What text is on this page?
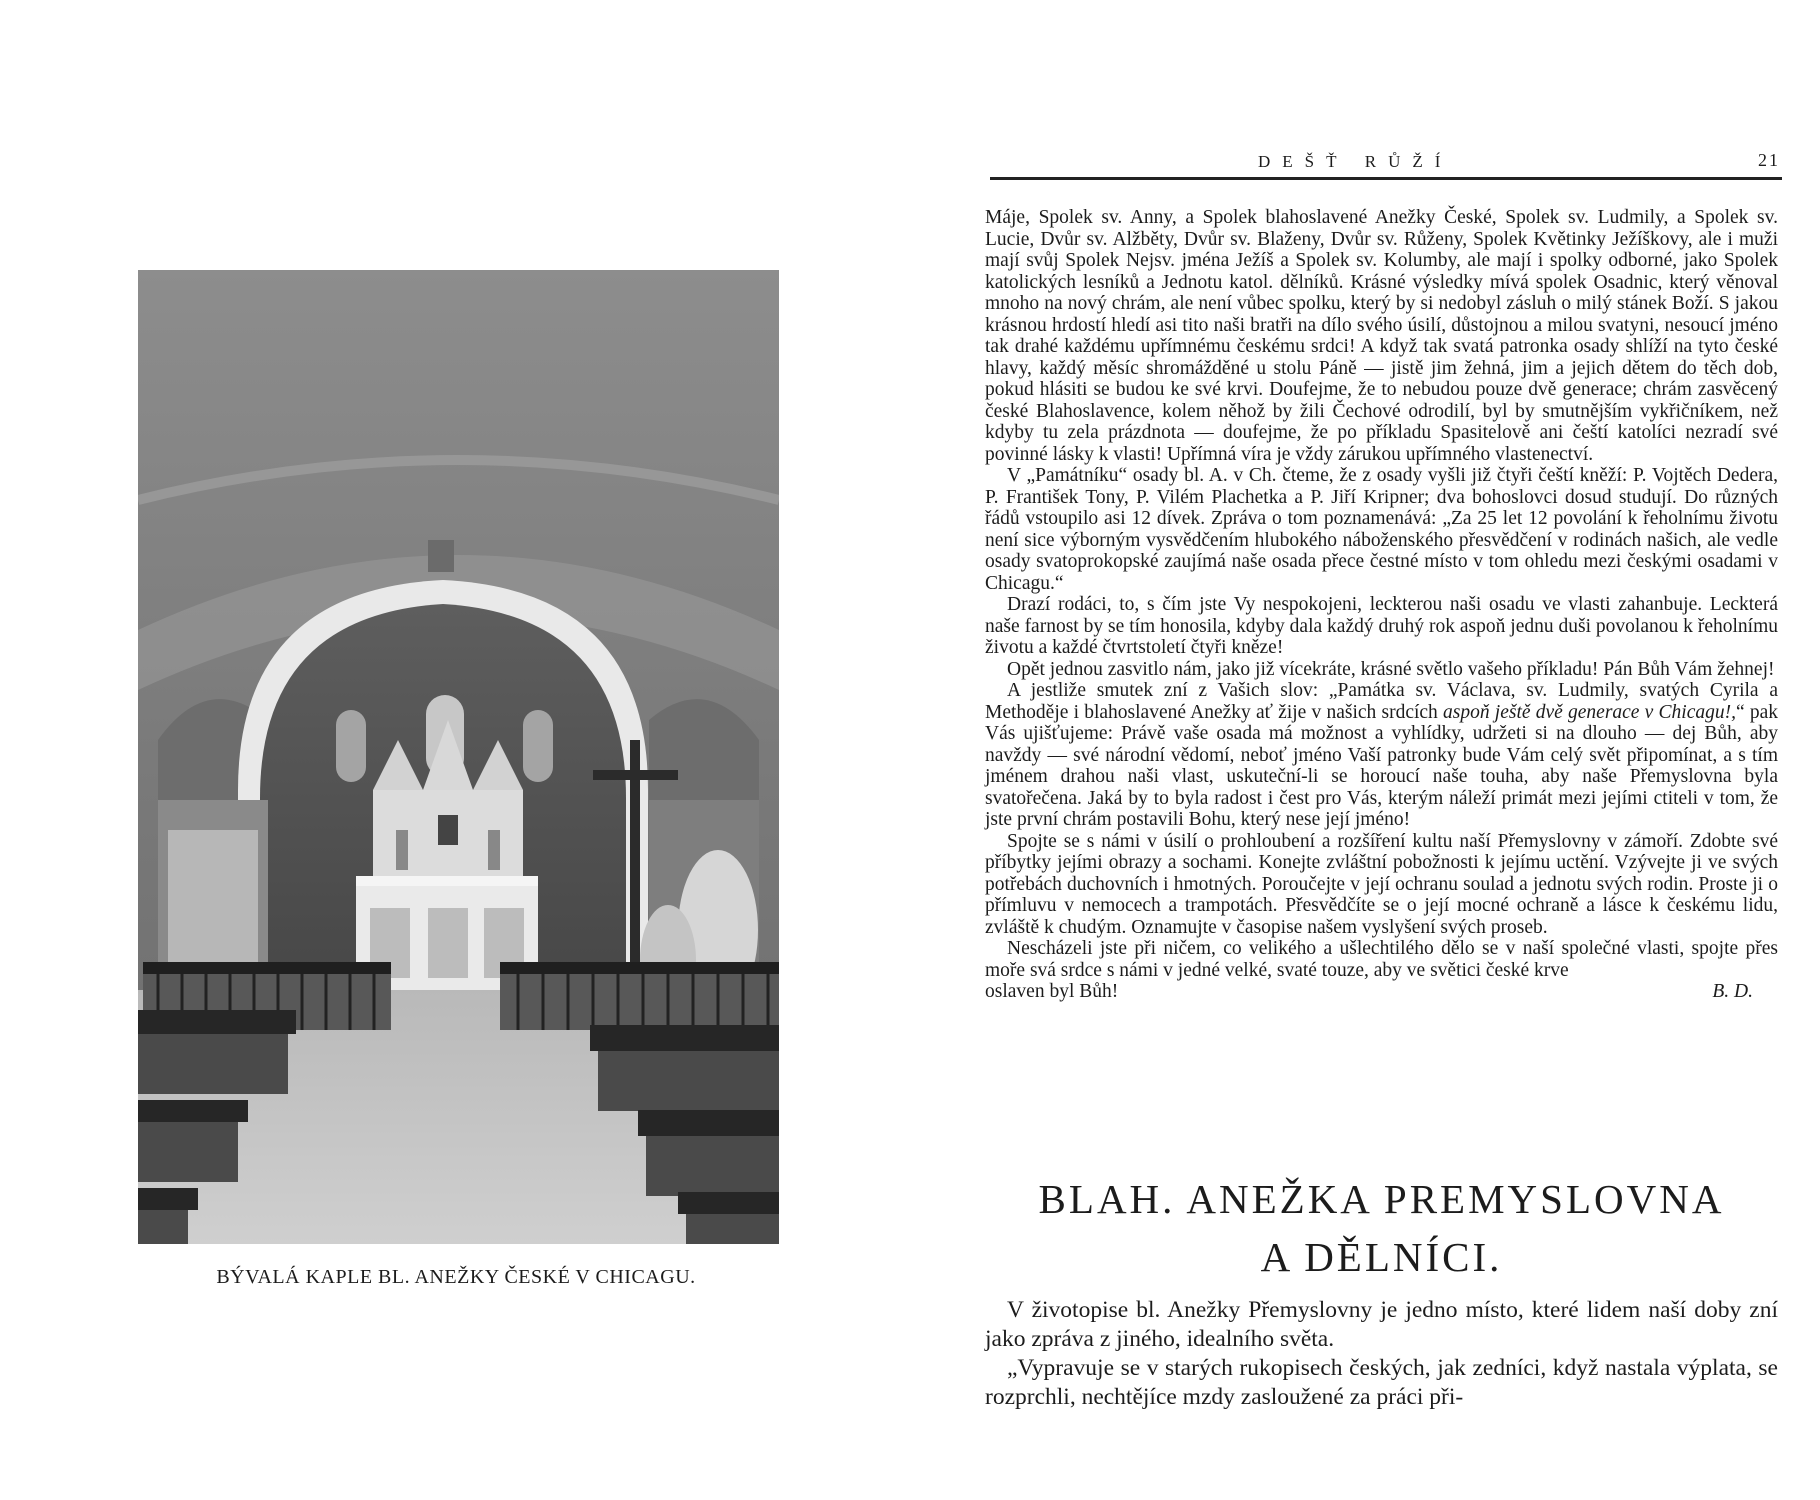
BÝVALÁ KAPLE BL. ANEŽKY ČESKÉ V CHICAGU.

DEŠŤ RŮŽÍ	21

Máje, Spolek sv. Anny, a Spolek blahoslavené Anežky České, Spolek sv. Ludmily, a Spolek sv. Lucie, Dvůr sv. Alžběty, Dvůr sv. Blaženy, Dvůr sv. Růženy, Spolek Květinky Ježíškovy, ale i muži mají svůj Spolek Nejsv. jména Ježíš a Spolek sv. Kolumby, ale mají i spolky odborné, jako Spolek katolických lesníků a Jednotu katol. dělníků. Krásné výsledky mívá spolek Osadnic, který věnoval mnoho na nový chrám, ale není vůbec spolku, který by si nedobyl zásluh o milý stánek Boží. S jakou krásnou hrdostí hledí asi tito naši bratři na dílo svého úsilí, důstojnou a milou svatyni, nesoucí jméno tak drahé každému upřímnému českému srdci! A když tak svatá patronka osady shlíží na tyto české hlavy, každý měsíc shromážděné u stolu Páně — jistě jim žehná, jim a jejich dětem do těch dob, pokud hlásiti se budou ke své krvi. Doufejme, že to nebudou pouze dvě generace; chrám zasvěcený české Blahoslavence, kolem něhož by žili Čechové odrodilí, byl by smutnějším vykřičníkem, než kdyby tu zela prázdnota — doufejme, že po příkladu Spasitelově ani čeští katolíci nezradí své povinné lásky k vlasti! Upřímná víra je vždy zárukou upřímného vlastenectví.

V „Památníku“ osady bl. A. v Ch. čteme, že z osady vyšli již čtyři čeští kněží: P. Vojtěch Dedera, P. František Tony, P. Vilém Plachetka a P. Jiří Kripner; dva bohoslovci dosud studují. Do různých řádů vstoupilo asi 12 dívek. Zpráva o tom poznamenává: „Za 25 let 12 povolání k řeholnímu životu není sice výborným vysvědčením hlubokého náboženského přesvědčení v rodinách našich, ale vedle osady svatoprokopské zaujímá naše osada přece čestné místo v tom ohledu mezi českými osadami v Chicagu.“

Drazí rodáci, to, s čím jste Vy nespokojeni, leckterou naši osadu ve vlasti zahanbuje. Leckterá naše farnost by se tím honosila, kdyby dala každý druhý rok aspoň jednu duši povolanou k řeholnímu životu a každé čtvrtstoletí čtyři kněze!

Opět jednou zasvitlo nám, jako již vícekráte, krásné světlo vašeho příkladu! Pán Bůh Vám žehnej!

A jestliže smutek zní z Vašich slov: „Památka sv. Václava, sv. Ludmily, svatých Cyrila a Methoděje i blahoslavené Anežky ať žije v našich srdcích aspoň ještě dvě generace v Chicagu!,“ pak Vás ujišťujeme: Právě vaše osada má možnost a vyhlídky, udržeti si na dlouho — dej Bůh, aby navždy — své národní vědomí, neboť jméno Vaší patronky bude Vám celý svět připomínat, a s tím jménem drahou naši vlast, uskuteční-li se horoucí naše touha, aby naše Přemyslovna byla svatořečena. Jaká by to byla radost i čest pro Vás, kterým náleží primát mezi jejími ctiteli v tom, že jste první chrám postavili Bohu, který nese její jméno!

Spojte se s námi v úsilí o prohloubení a rozšíření kultu naší Přemyslovny v zámoří. Zdobte své příbytky jejími obrazy a sochami. Konejte zvláštní pobožnosti k jejímu uctění. Vzývejte ji ve svých potřebách duchovních i hmotných. Poroučejte v její ochranu soulad a jednotu svých rodin. Proste ji o přímluvu v nemocech a trampotách. Přesvědčíte se o její mocné ochraně a lásce k českému lidu, zvláště k chudým. Oznamujte v časopise našem vyslyšení svých proseb.

Nescházeli jste při ničem, co velikého a ušlechtilého dělo se v naší společné vlasti, spojte přes moře svá srdce s námi v jedné velké, svaté touze, aby ve světici české krve

oslaven byl Bůh!	B. D.
BLAH. ANEŽKA PREMYSLOVNA
A DĚLNÍCI.

V životopise bl. Anežky Přemyslovny je jedno místo, které lidem naší doby zní jako zpráva z jiného, idealního světa.

„Vypravuje se v starých rukopisech českých, jak zedníci, když nastala výplata, se rozprchli, nechtějíce mzdy zasloužené za práci při-
